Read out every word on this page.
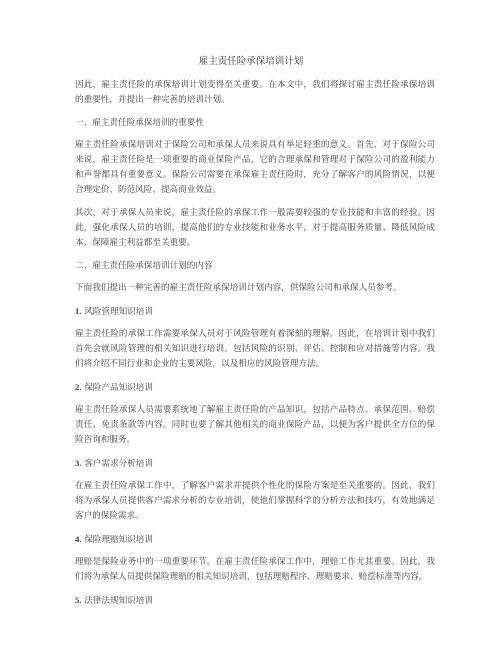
雇主责任险承保培训计划

因此，雇主责任险的承保培训计划变得至关重要。在本文中，我们将探讨雇主责任险承保培训的重要性，并提出一种完善的培训计划。

一、雇主责任险承保培训的重要性

雇主责任险承保培训对于保险公司和承保人员来说具有举足轻重的意义。首先，对于保险公司来说，雇主责任险是一项重要的商业保险产品，它的合理承保和管理对于保险公司的盈利能力和声誉都具有重要意义。保险公司需要在承保雇主责任险时，充分了解客户的风险情况，以便合理定价、防范风险、提高商业效益。

其次，对于承保人员来说，雇主责任险的承保工作一般需要较强的专业技能和丰富的经验。因此，强化承保人员的培训，提高他们的专业技能和业务水平，对于提高服务质量、降低风险成本、保障雇主利益都至关重要。

二、雇主责任险承保培训计划的内容

下面我们提出一种完善的雇主责任险承保培训计划内容，供保险公司和承保人员参考。

1. 风险管理知识培训

雇主责任险的承保工作需要承保人员对于风险管理有着深刻的理解。因此，在培训计划中我们首先会就风险管理的相关知识进行培训。包括风险的识别、评估、控制和应对措施等内容。我们将介绍不同行业和企业的主要风险，以及相应的风险管理方法。

2. 保险产品知识培训

雇主责任险承保人员需要系统地了解雇主责任险的产品知识，包括产品特点、承保范围、赔偿责任、免责条款等内容。同时也要了解其他相关的商业保险产品，以便为客户提供全方位的保险咨询和服务。

3. 客户需求分析培训

在雇主责任险承保工作中，了解客户需求并提供个性化的保险方案是至关重要的。因此，我们将为承保人员提供客户需求分析的专业培训，使他们掌握科学的分析方法和技巧，有效地满足客户的保险需求。

4. 保险理赔知识培训

理赔是保险业务中的一项重要环节。在雇主责任险承保工作中，理赔工作尤其重要。因此，我们将为承保人员提供保险理赔的相关知识培训，包括理赔程序、理赔要求、赔偿标准等内容。

5. 法律法规知识培训
